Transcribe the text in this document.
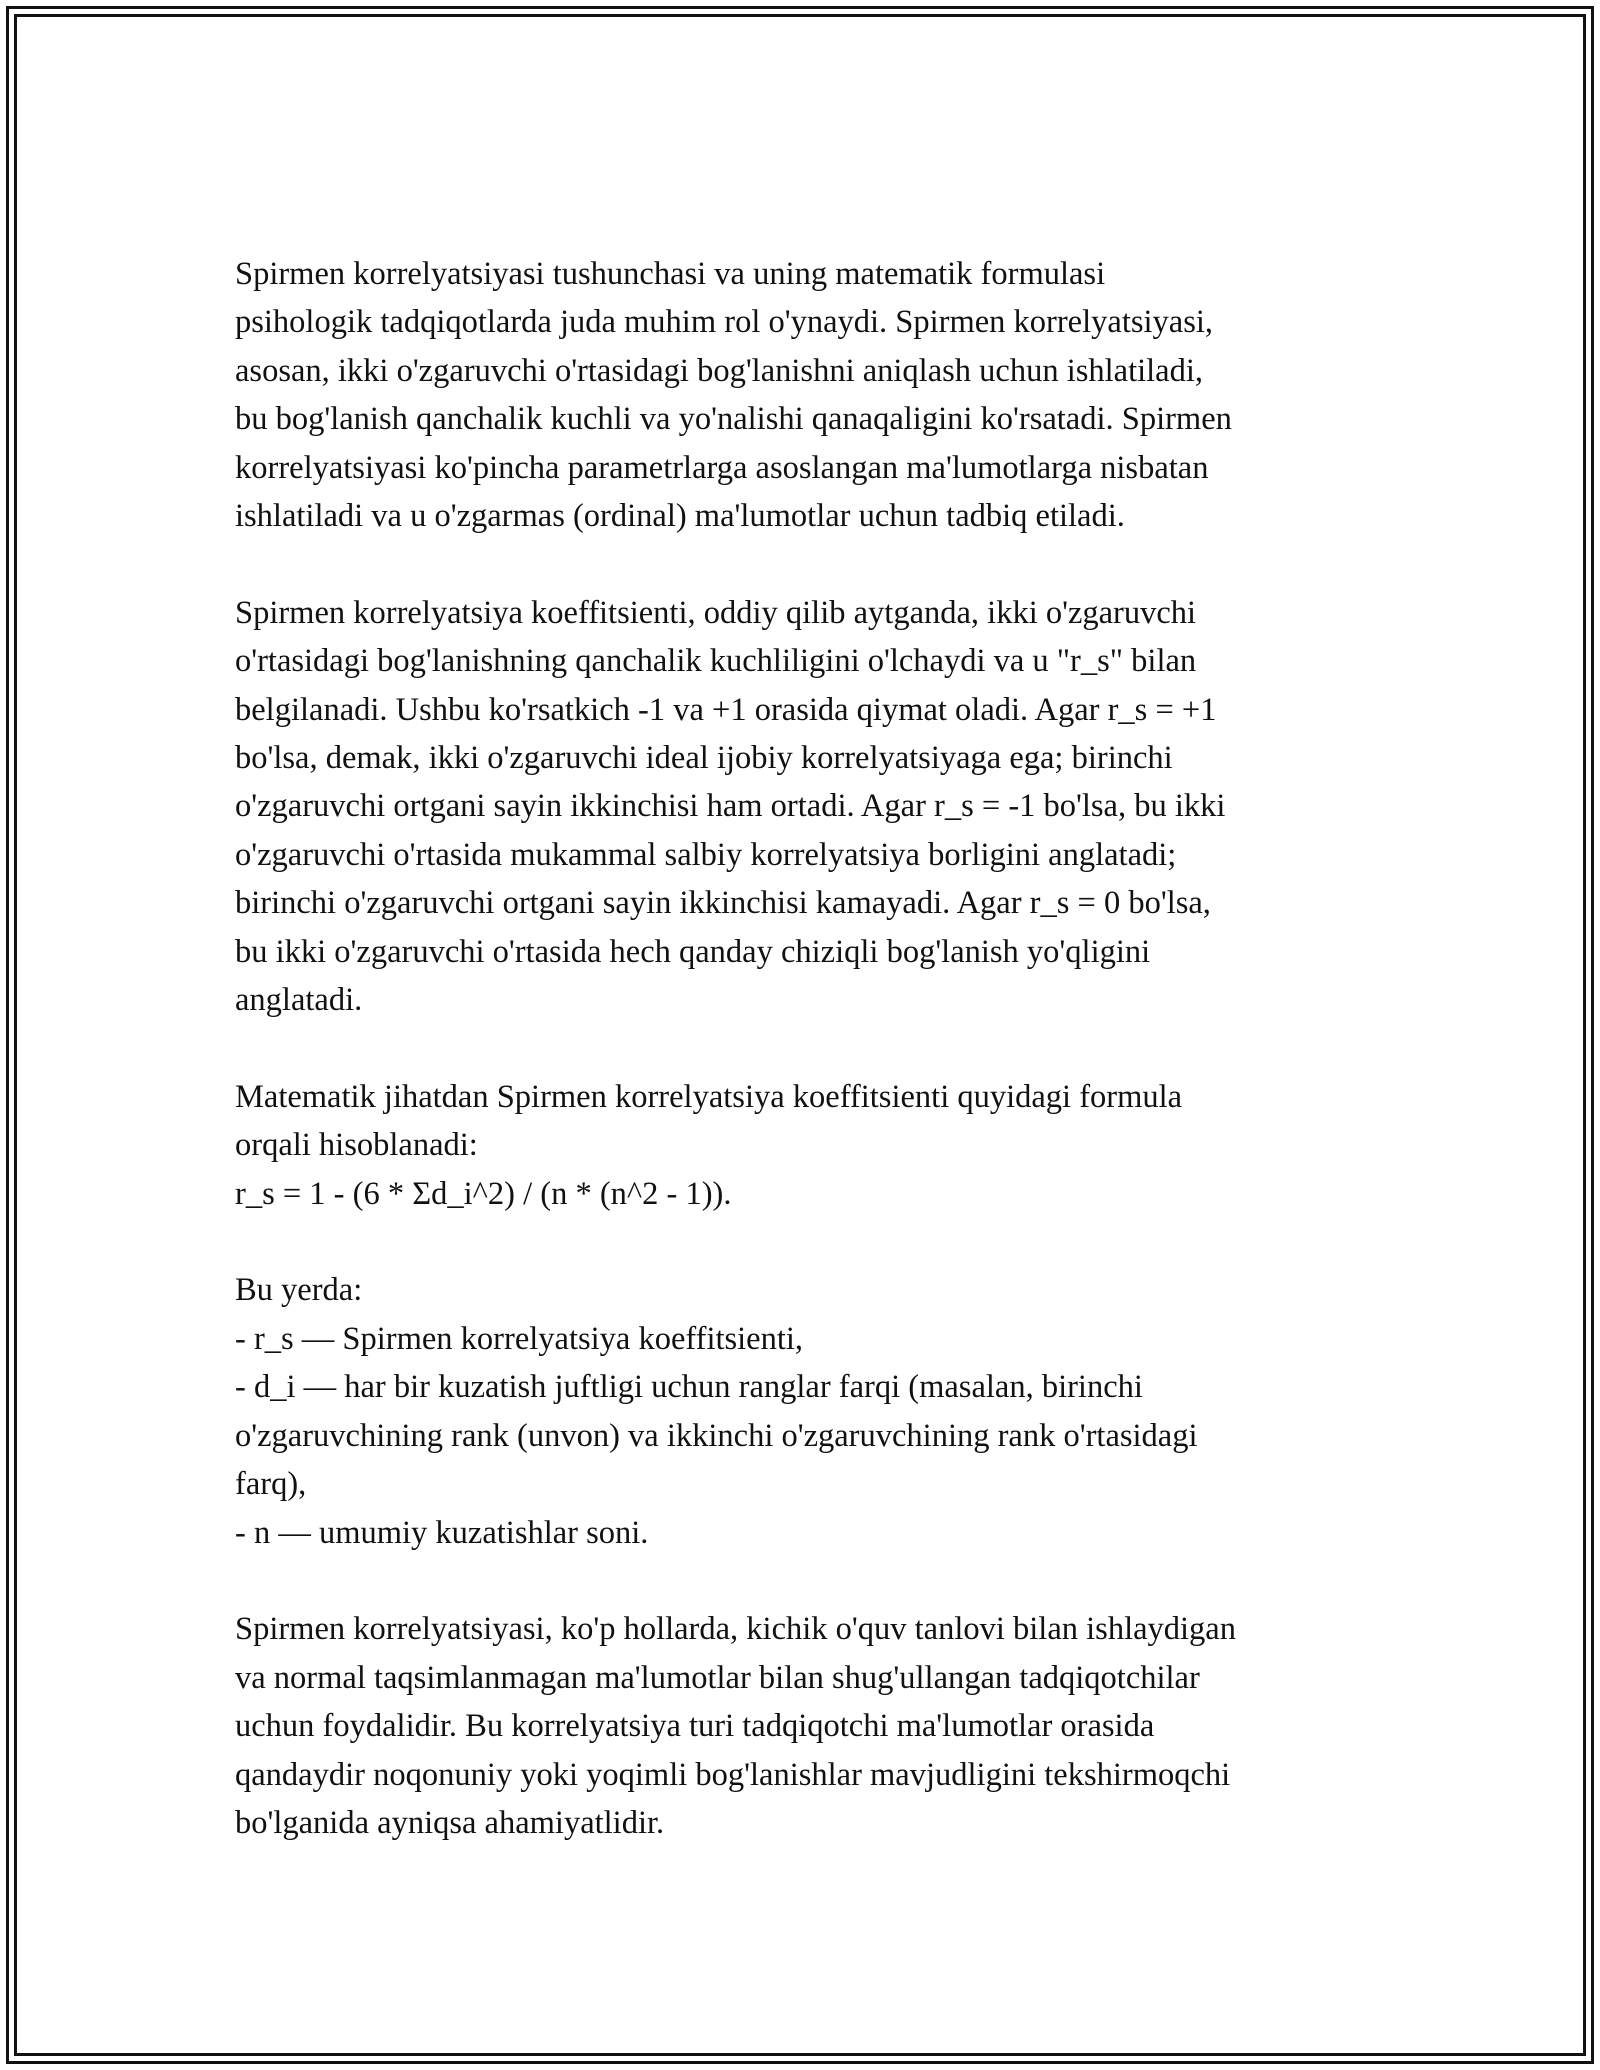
Spirmen korrelyatsiyasi tushunchasi va uning matematik formulasi
psihologik tadqiqotlarda juda muhim rol o'ynaydi. Spirmen korrelyatsiyasi,
asosan, ikki o'zgaruvchi o'rtasidagi bog'lanishni aniqlash uchun ishlatiladi,
bu bog'lanish qanchalik kuchli va yo'nalishi qanaqaligini ko'rsatadi. Spirmen
korrelyatsiyasi ko'pincha parametrlarga asoslangan ma'lumotlarga nisbatan
ishlatiladi va u o'zgarmas (ordinal) ma'lumotlar uchun tadbiq etiladi.

Spirmen korrelyatsiya koeffitsienti, oddiy qilib aytganda, ikki o'zgaruvchi
o'rtasidagi bog'lanishning qanchalik kuchliligini o'lchaydi va u "r_s" bilan
belgilanadi. Ushbu ko'rsatkich -1 va +1 orasida qiymat oladi. Agar r_s = +1
bo'lsa, demak, ikki o'zgaruvchi ideal ijobiy korrelyatsiyaga ega; birinchi
o'zgaruvchi ortgani sayin ikkinchisi ham ortadi. Agar r_s = -1 bo'lsa, bu ikki
o'zgaruvchi o'rtasida mukammal salbiy korrelyatsiya borligini anglatadi;
birinchi o'zgaruvchi ortgani sayin ikkinchisi kamayadi. Agar r_s = 0 bo'lsa,
bu ikki o'zgaruvchi o'rtasida hech qanday chiziqli bog'lanish yo'qligini
anglatadi.

Matematik jihatdan Spirmen korrelyatsiya koeffitsienti quyidagi formula
orqali hisoblanadi:
r_s = 1 - (6 * Σd_i^2) / (n * (n^2 - 1)).

Bu yerda:
- r_s — Spirmen korrelyatsiya koeffitsienti,
- d_i — har bir kuzatish juftligi uchun ranglar farqi (masalan, birinchi
o'zgaruvchining rank (unvon) va ikkinchi o'zgaruvchining rank o'rtasidagi
farq),
- n — umumiy kuzatishlar soni.

Spirmen korrelyatsiyasi, ko'p hollarda, kichik o'quv tanlovi bilan ishlaydigan
va normal taqsimlanmagan ma'lumotlar bilan shug'ullangan tadqiqotchilar
uchun foydalidir. Bu korrelyatsiya turi tadqiqotchi ma'lumotlar orasida
qandaydir noqonuniy yoki yoqimli bog'lanishlar mavjudligini tekshirmoqchi
bo'lganida ayniqsa ahamiyatlidir.
